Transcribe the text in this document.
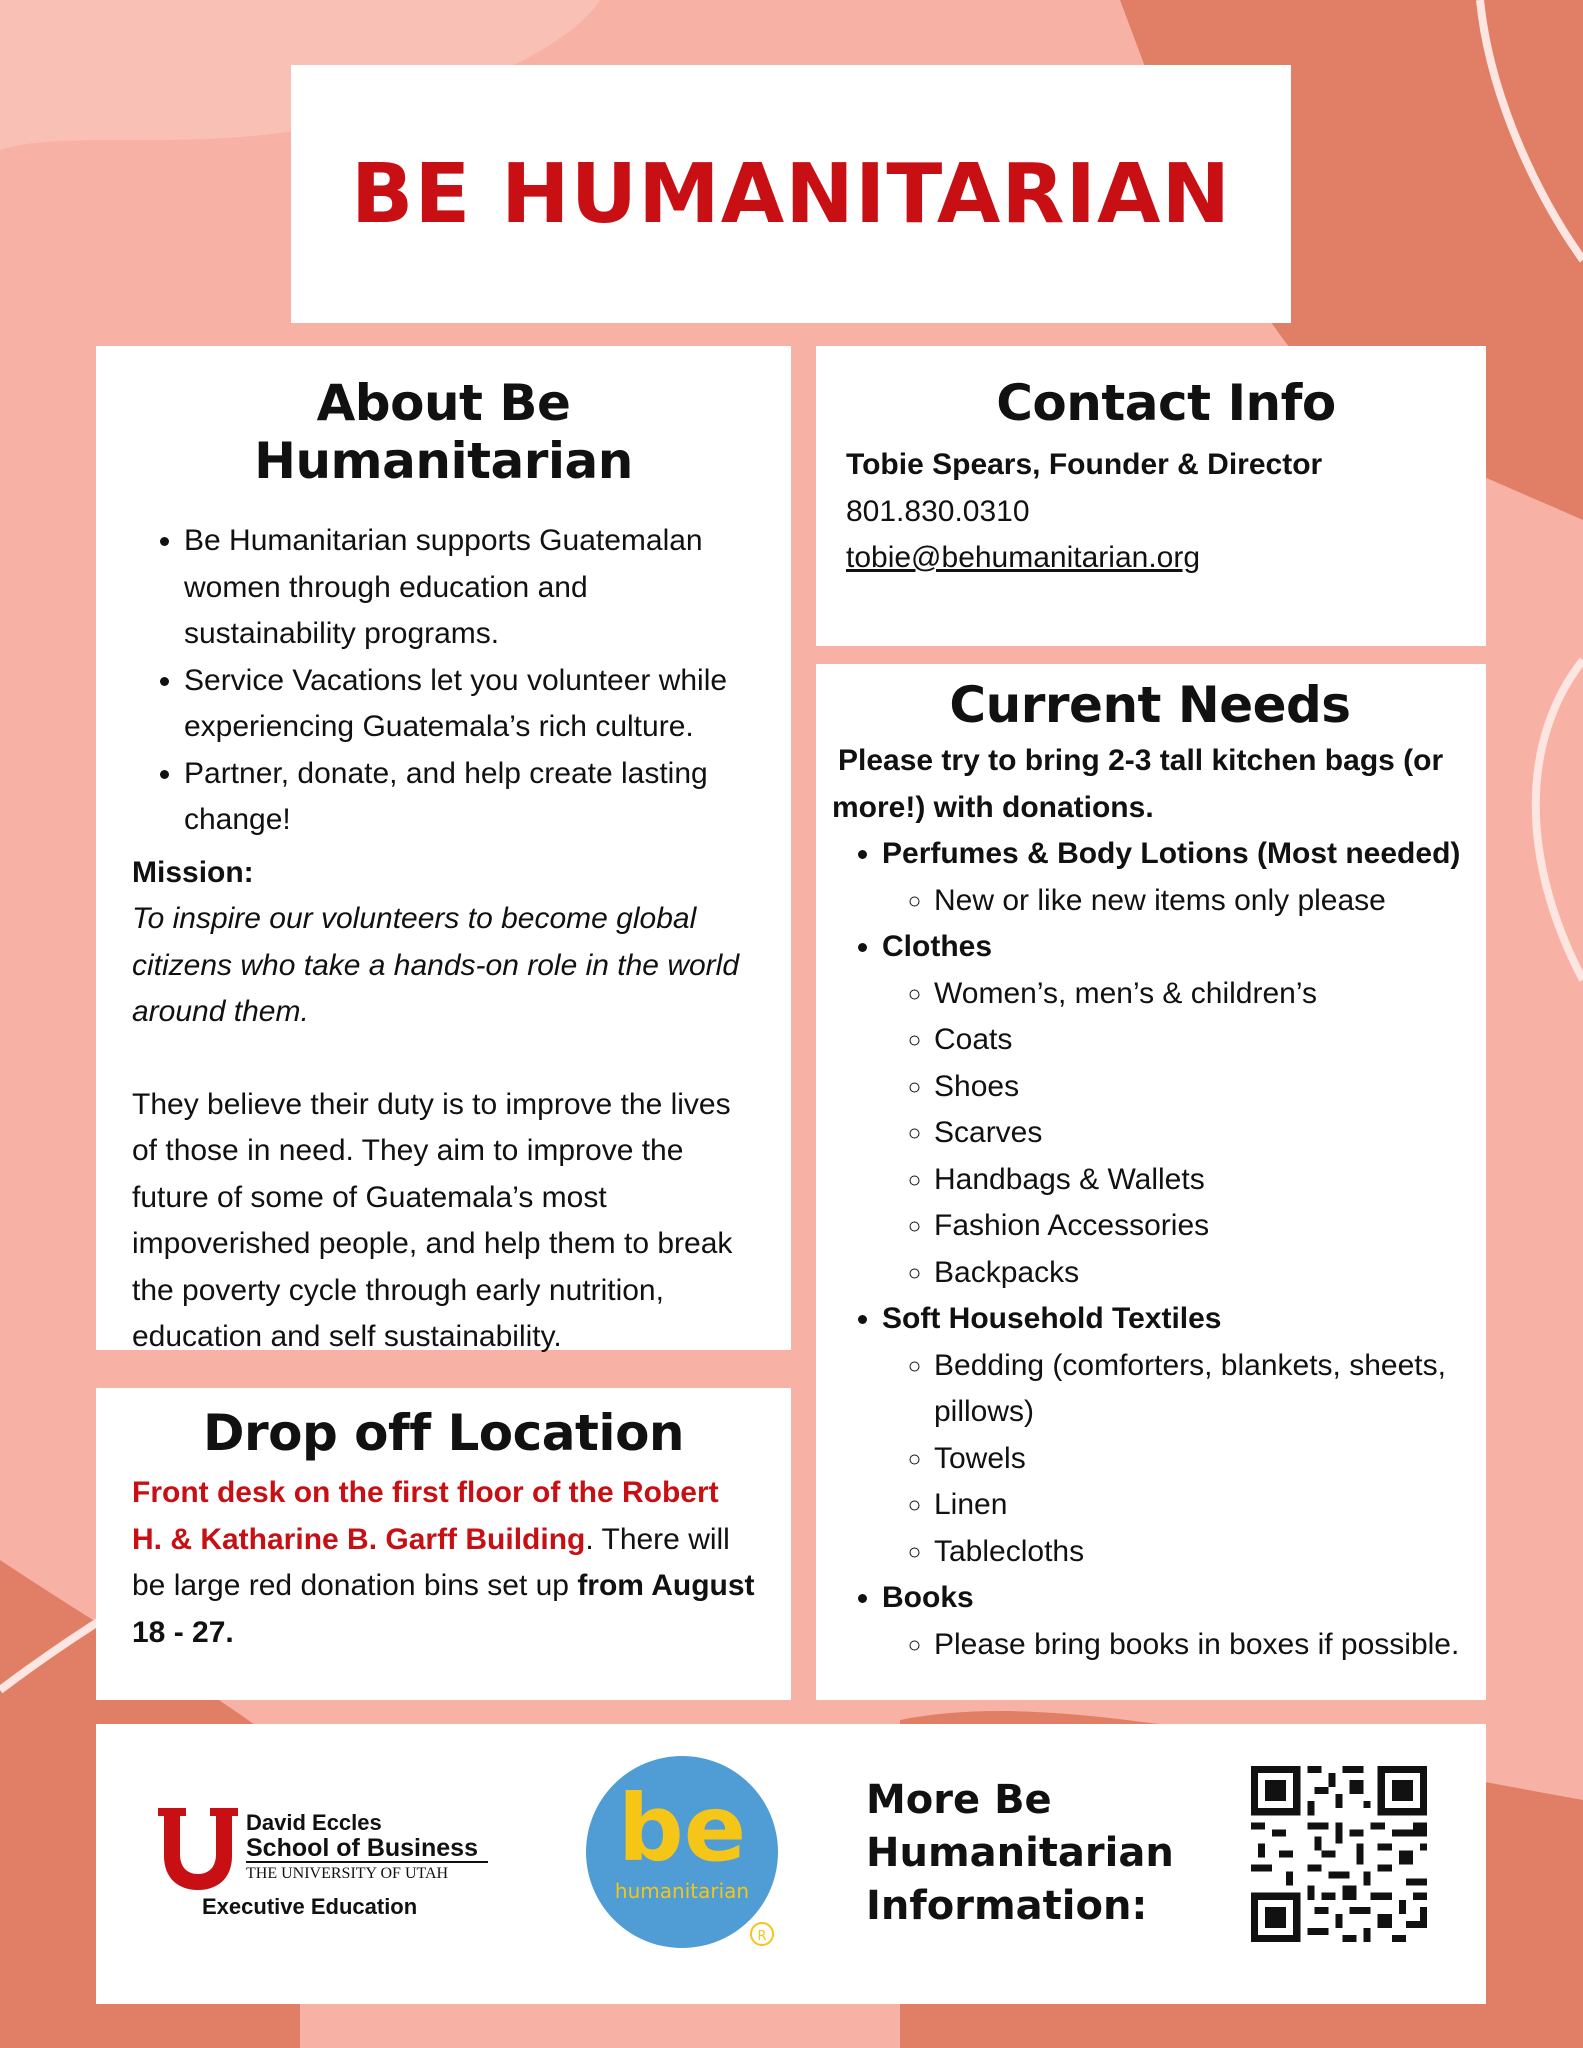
BE HUMANITARIAN
About Be Humanitarian
• Be Humanitarian supports Guatemalan women through education and sustainability programs.
• Service Vacations let you volunteer while experiencing Guatemala’s rich culture.
• Partner, donate, and help create lasting change!
Mission:
To inspire our volunteers to become global citizens who take a hands-on role in the world around them.
They believe their duty is to improve the lives of those in need. They aim to improve the future of some of Guatemala’s most impoverished people, and help them to break the poverty cycle through early nutrition, education and self sustainability.
Contact Info
Tobie Spears, Founder & Director
801.830.0310
tobie@behumanitarian.org
Current Needs
Please try to bring 2-3 tall kitchen bags (or more!) with donations.
• Perfumes & Body Lotions (Most needed)
◦ New or like new items only please
• Clothes
◦ Women’s, men’s & children’s
◦ Coats
◦ Shoes
◦ Scarves
◦ Handbags & Wallets
◦ Fashion Accessories
◦ Backpacks
• Soft Household Textiles
◦ Bedding (comforters, blankets, sheets, pillows)
◦ Towels
◦ Linen
◦ Tablecloths
• Books
◦ Please bring books in boxes if possible.
Drop off Location
Front desk on the first floor of the Robert H. & Katharine B. Garff Building. There will be large red donation bins set up from August 18 - 27.
David Eccles
School of Business
THE UNIVERSITY OF UTAH
Executive Education
be
humanitarian
R
More Be
Humanitarian
Information:
